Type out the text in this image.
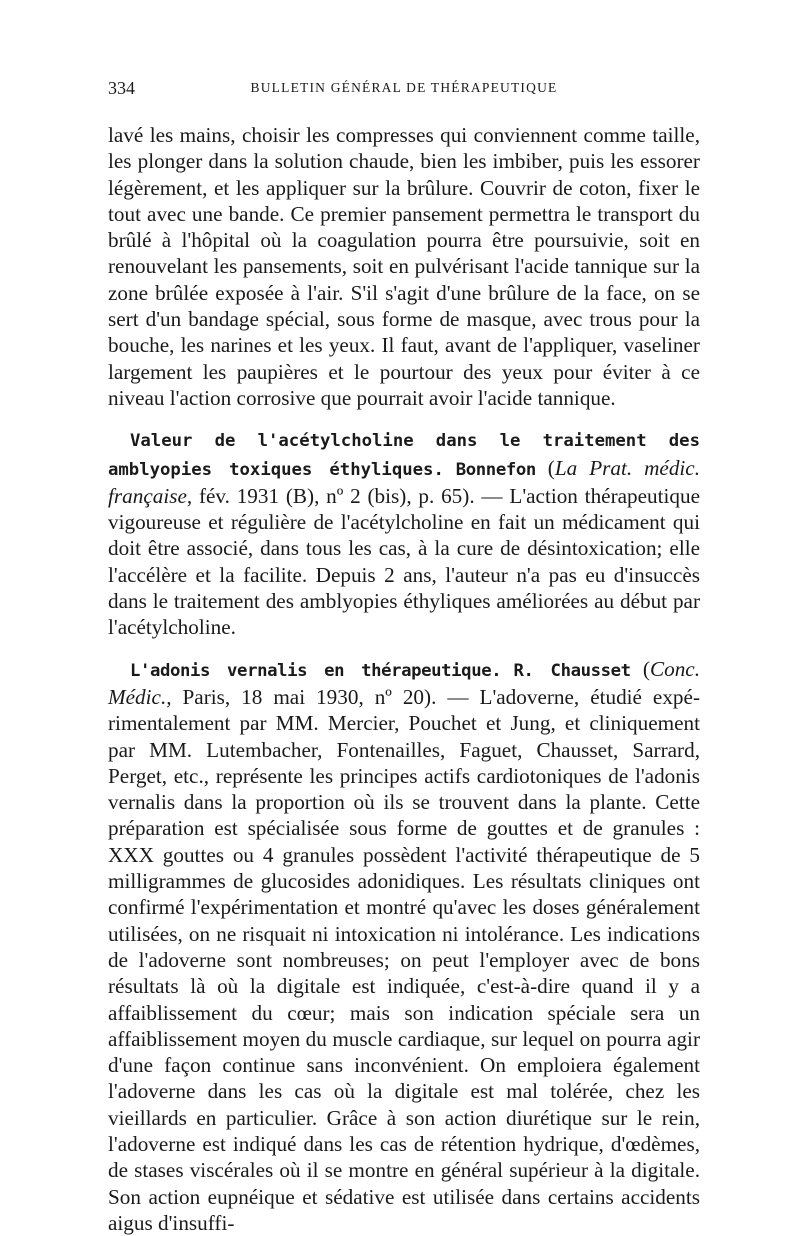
334	BULLETIN GÉNÉRAL DE THÉRAPEUTIQUE

lavé les mains, choisir les compresses qui conviennent comme taille, les plonger dans la solution chaude, bien les imbiber, puis les essorer légèrement, et les appliquer sur la brûlure. Couvrir de coton, fixer le tout avec une bande. Ce premier pansement permettra le transport du brûlé à l'hôpital où la coagulation pourra être poursuivie, soit en renouvelant les pansements, soit en pulvérisant l'acide tannique sur la zone brûlée exposée à l'air. S'il s'agit d'une brûlure de la face, on se sert d'un bandage spécial, sous forme de masque, avec trous pour la bouche, les narines et les yeux. Il faut, avant de l'appliquer, vaseliner largement les paupières et le pourtour des yeux pour éviter à ce niveau l'action corrosive que pourrait avoir l'acide tannique.

Valeur de l'acétylcholine dans le traitement des amblyopies toxiques éthyliques. Bonnefon (La Prat. médic. française, fév. 1931 (B), nº 2 (bis), p. 65). — L'action thérapeutique vigoureuse et régulière de l'acétylcholine en fait un médicament qui doit être associé, dans tous les cas, à la cure de désintoxication; elle l'accélère et la facilite. Depuis 2 ans, l'auteur n'a pas eu d'insuccès dans le traitement des amblyopies éthyliques améliorées au début par l'acétylcholine.

L'adonis vernalis en thérapeutique. R. Chausset (Conc. Médic., Paris, 18 mai 1930, nº 20). — L'adoverne, étudié expérimentalement par MM. Mercier, Pouchet et Jung, et cliniquement par MM. Lutembacher, Fontenailles, Faguet, Chausset, Sarrard, Perget, etc., représente les principes actifs cardiotoniques de l'adonis vernalis dans la proportion où ils se trouvent dans la plante. Cette préparation est spécialisée sous forme de gouttes et de granules : XXX gouttes ou 4 granules possèdent l'activité thérapeutique de 5 milligrammes de glucosides adonidiques. Les résultats cliniques ont confirmé l'expérimentation et montré qu'avec les doses généralement utilisées, on ne risquait ni intoxication ni intolérance. Les indications de l'adoverne sont nombreuses; on peut l'employer avec de bons résultats là où la digitale est indiquée, c'est-à-dire quand il y a affaiblissement du cœur; mais son indication spéciale sera un affaiblissement moyen du muscle cardiaque, sur lequel on pourra agir d'une façon continue sans inconvénient. On emploiera également l'adoverne dans les cas où la digitale est mal tolérée, chez les vieillards en particulier. Grâce à son action diurétique sur le rein, l'adoverne est indiqué dans les cas de rétention hydrique, d'œdèmes, de stases viscérales où il se montre en général supérieur à la digitale. Son action eupnéique et sédative est utilisée dans certains accidents aigus d'insuffi-
